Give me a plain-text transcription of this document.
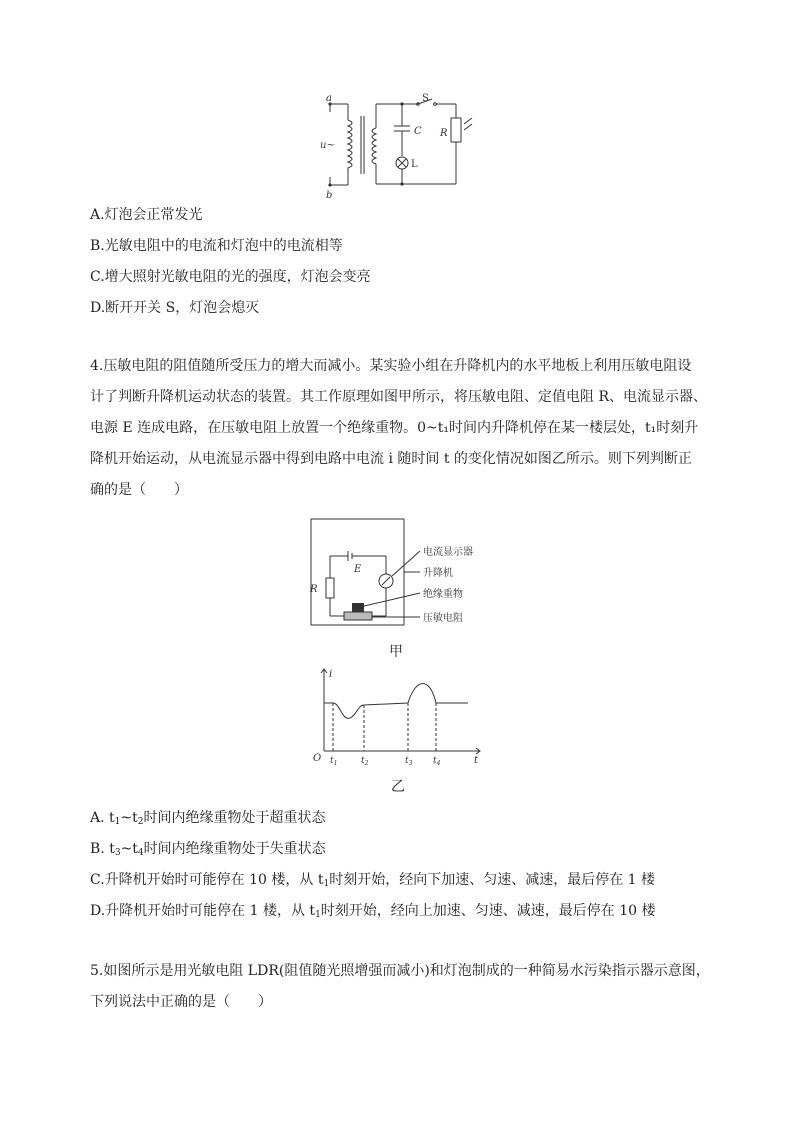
a
b
u~
C R
S
L
A.灯泡会正常发光
B.光敏电阻中的电流和灯泡中的电流相等
C.增大照射光敏电阻的光的强度，灯泡会变亮
D.断开开关 S，灯泡会熄灭
4.压敏电阻的阻值随所受压力的增大而减小。某实验小组在升降机内的水平地板上利用压敏电阻设
计了判断升降机运动状态的装置。其工作原理如图甲所示，将压敏电阻、定值电阻 R、电流显示器、
电源 E 连成电路，在压敏电阻上放置一个绝缘重物。0~t₁时间内升降机停在某一楼层处，t₁时刻升
降机开始运动，从电流显示器中得到电路中电流 i 随时间 t 的变化情况如图乙所示。则下列判断正
确的是（　　）
E
R
电流显示器
升降机
绝缘重物
压敏电阻
甲
i
t
O $t_1$	$t_2$	$t_3$ $t_4$
乙
A. $t_1\sim t_2$时间内绝缘重物处于超重状态
B. $t_3\sim t_4$时间内绝缘重物处于失重状态
C.升降机开始时可能停在 10 楼，从 $t_1$时刻开始，经向下加速、匀速、减速，最后停在 1 楼
D.升降机开始时可能停在 1 楼，从 $t_1$时刻开始，经向上加速、匀速、减速，最后停在 10 楼
5.如图所示是用光敏电阻 LDR(阻值随光照增强而减小)和灯泡制成的一种简易水污染指示器示意图，
下列说法中正确的是（　　）
